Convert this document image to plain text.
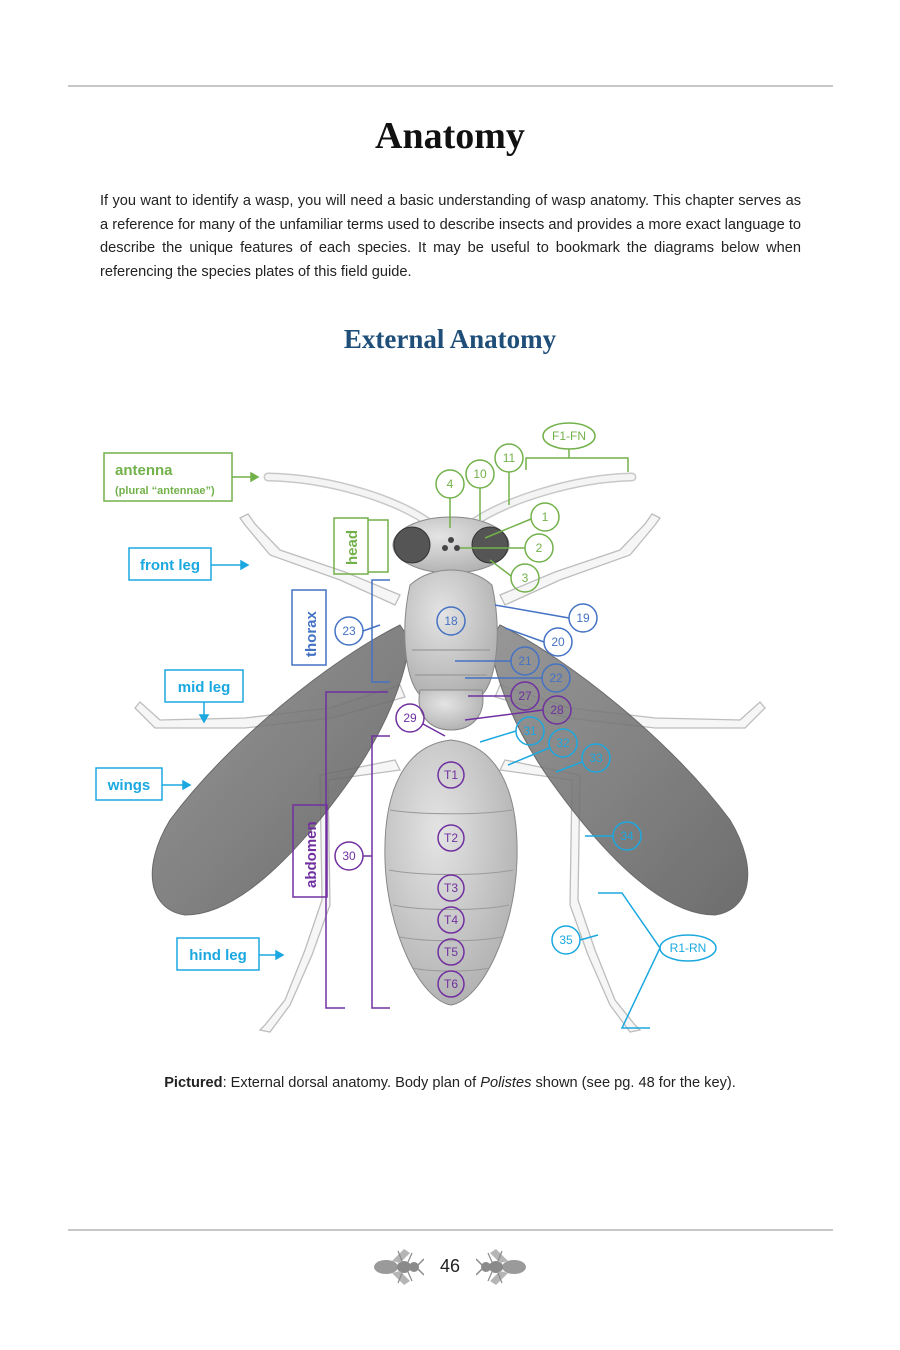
Anatomy
If you want to identify a wasp, you will need a basic understanding of wasp anatomy. This chapter serves as a reference for many of the unfamiliar terms used to describe insects and provides a more exact language to describe the unique features of each species. It may be useful to bookmark the diagrams below when referencing the species plates of this field guide.
External Anatomy
antenna
(plural “antennae”)
head
4
10
11
F1-FN
1
2
3
thorax	18
23
19
20
21
22
front leg
mid leg
wings
hind leg
31
32
33
34
35
R1-RN
abdomen
27
28
29
30
T1
T2
T3
T4
T5
T6
Pictured: External dorsal anatomy. Body plan of Polistes shown (see pg. 48 for the key).
46
